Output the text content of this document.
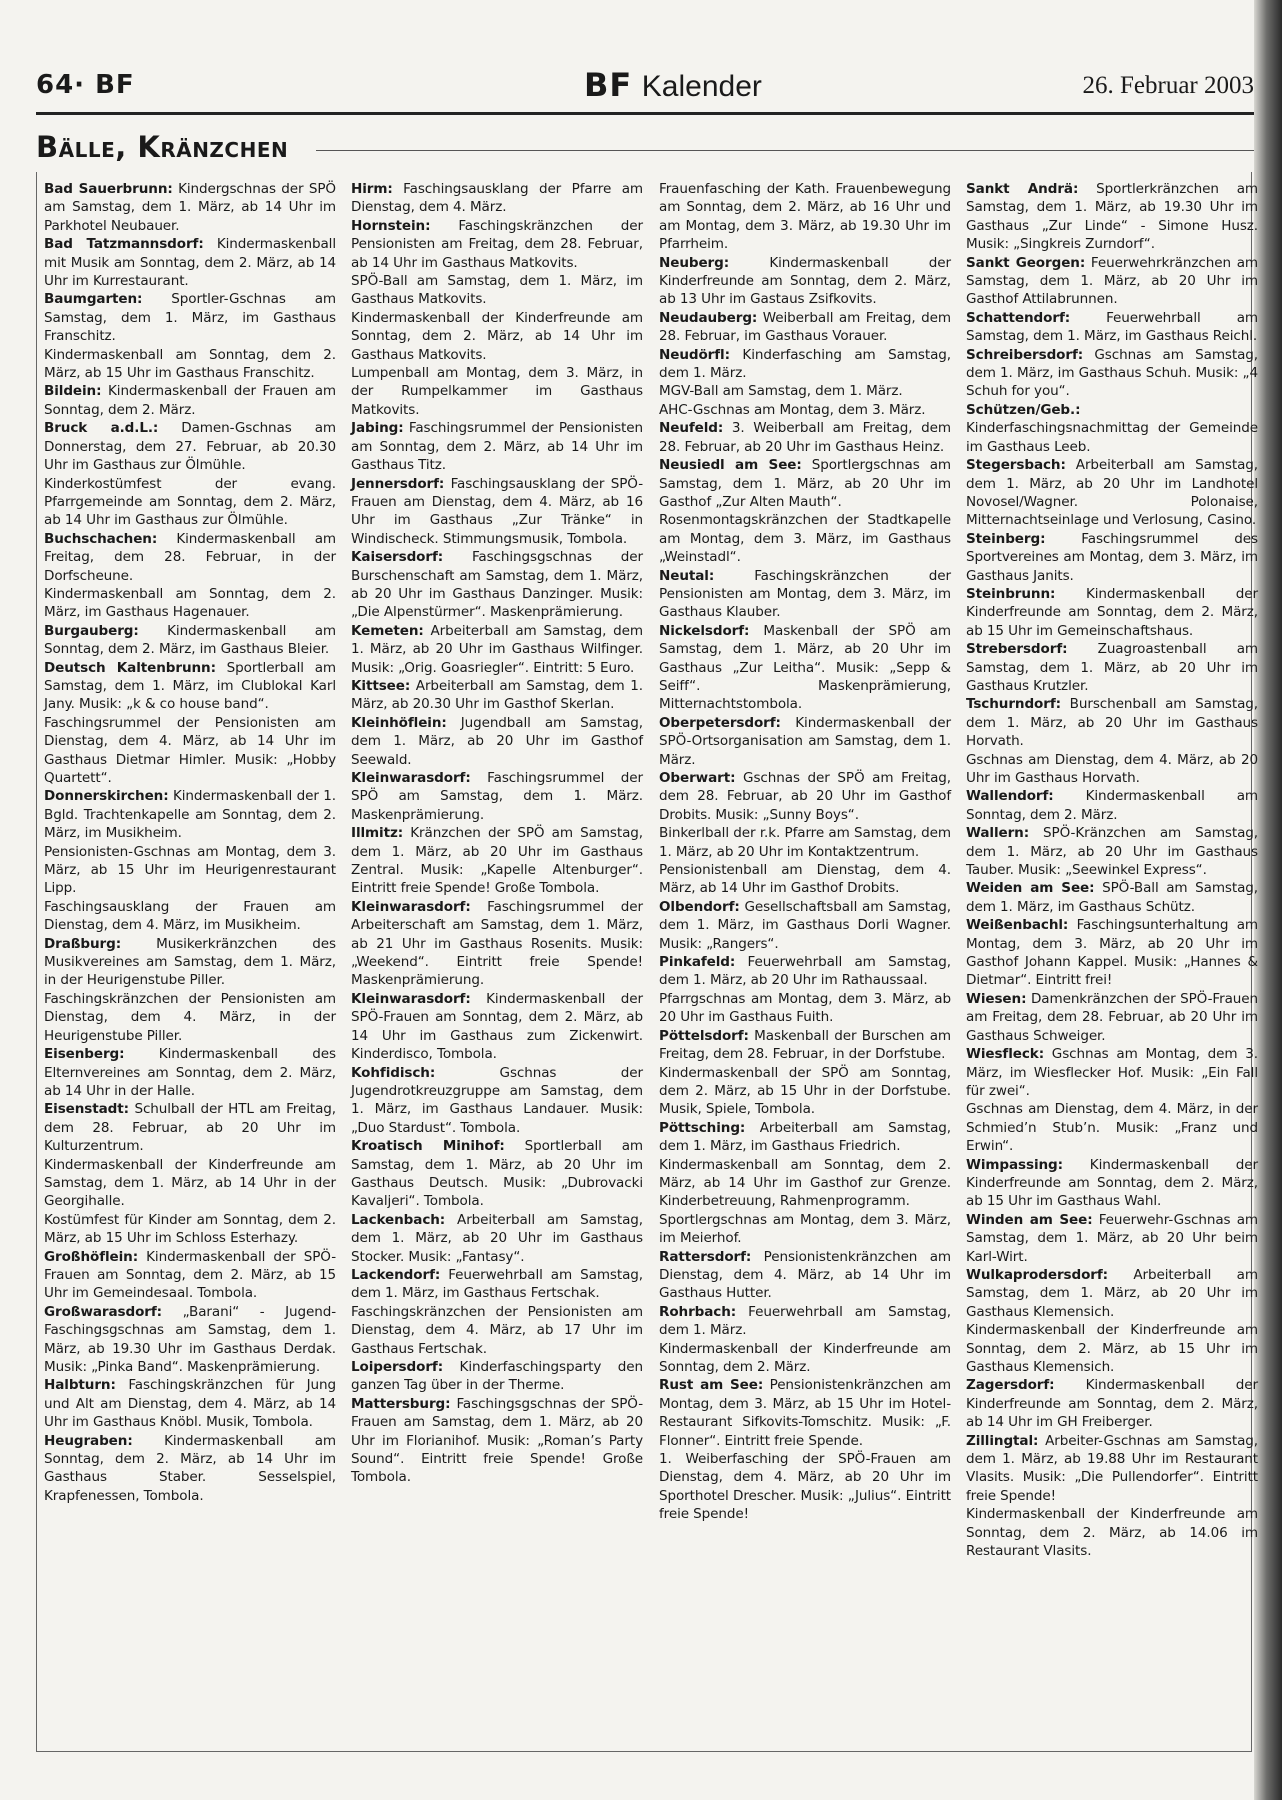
64· BF	BF Kalender	26. Februar 2003
Bälle, Kränzchen

Bad Sauerbrunn: Kindergschnas der SPÖ am Samstag, dem 1. März, ab 14 Uhr im Parkhotel Neubauer.

Bad Tatzmannsdorf: Kindermaskenball mit Musik am Sonntag, dem 2. März, ab 14 Uhr im Kurrestaurant.

Baumgarten: Sportler-Gschnas am Samstag, dem 1. März, im Gasthaus Franschitz.

Kindermaskenball am Sonntag, dem 2. März, ab 15 Uhr im Gasthaus Franschitz.

Bildein: Kindermaskenball der Frauen am Sonntag, dem 2. März.

Bruck a.d.L.: Damen-Gschnas am Donnerstag, dem 27. Februar, ab 20.30 Uhr im Gasthaus zur Ölmühle.

Kinderkostümfest der evang. Pfarrgemeinde am Sonntag, dem 2. März, ab 14 Uhr im Gasthaus zur Ölmühle.

Buchschachen: Kindermaskenball am Freitag, dem 28. Februar, in der Dorfscheune.

Kindermaskenball am Sonntag, dem 2. März, im Gasthaus Hagenauer.

Burgauberg: Kindermaskenball am Sonntag, dem 2. März, im Gasthaus Bleier.

Deutsch Kaltenbrunn: Sportlerball am Samstag, dem 1. März, im Clublokal Karl Jany. Musik: „k & co house band“.

Faschingsrummel der Pensionisten am Dienstag, dem 4. März, ab 14 Uhr im Gasthaus Dietmar Himler. Musik: „Hobby Quartett“.

Donnerskirchen: Kindermaskenball der 1. Bgld. Trachtenkapelle am Sonntag, dem 2. März, im Musikheim.

Pensionisten-Gschnas am Montag, dem 3. März, ab 15 Uhr im Heurigenrestaurant Lipp.

Faschingsausklang der Frauen am Dienstag, dem 4. März, im Musikheim.

Draßburg: Musikerkränzchen des Musikvereines am Samstag, dem 1. März, in der Heurigenstube Piller.

Faschingskränzchen der Pensionisten am Dienstag, dem 4. März, in der Heurigenstube Piller.

Eisenberg: Kindermaskenball des Elternvereines am Sonntag, dem 2. März, ab 14 Uhr in der Halle.

Eisenstadt: Schulball der HTL am Freitag, dem 28. Februar, ab 20 Uhr im Kulturzentrum.

Kindermaskenball der Kinderfreunde am Samstag, dem 1. März, ab 14 Uhr in der Georgihalle.

Kostümfest für Kinder am Sonntag, dem 2. März, ab 15 Uhr im Schloss Esterhazy.

Großhöflein: Kindermaskenball der SPÖ-Frauen am Sonntag, dem 2. März, ab 15 Uhr im Gemeindesaal. Tombola.

Großwarasdorf: „Barani“ - Jugend-Faschingsgschnas am Samstag, dem 1. März, ab 19.30 Uhr im Gasthaus Derdak. Musik: „Pinka Band“. Maskenprämierung.

Halbturn: Faschingskränzchen für Jung und Alt am Dienstag, dem 4. März, ab 14 Uhr im Gasthaus Knöbl. Musik, Tombola.

Heugraben: Kindermaskenball am Sonntag, dem 2. März, ab 14 Uhr im Gasthaus Staber. Sesselspiel, Krapfenessen, Tombola.

Hirm: Faschingsausklang der Pfarre am Dienstag, dem 4. März.

Hornstein: Faschingskränzchen der Pensionisten am Freitag, dem 28. Februar, ab 14 Uhr im Gasthaus Matkovits.

SPÖ-Ball am Samstag, dem 1. März, im Gasthaus Matkovits.

Kindermaskenball der Kinderfreunde am Sonntag, dem 2. März, ab 14 Uhr im Gasthaus Matkovits.

Lumpenball am Montag, dem 3. März, in der Rumpelkammer im Gasthaus Matkovits.

Jabing: Faschingsrummel der Pensionisten am Sonntag, dem 2. März, ab 14 Uhr im Gasthaus Titz.

Jennersdorf: Faschingsausklang der SPÖ-Frauen am Dienstag, dem 4. März, ab 16 Uhr im Gasthaus „Zur Tränke“ in Windischeck. Stimmungsmusik, Tombola.

Kaisersdorf: Faschingsgschnas der Burschenschaft am Samstag, dem 1. März, ab 20 Uhr im Gasthaus Danzinger. Musik: „Die Alpenstürmer“. Maskenprämierung.

Kemeten: Arbeiterball am Samstag, dem 1. März, ab 20 Uhr im Gasthaus Wilfinger. Musik: „Orig. Goasriegler“. Eintritt: 5 Euro.

Kittsee: Arbeiterball am Samstag, dem 1. März, ab 20.30 Uhr im Gasthof Skerlan.

Kleinhöflein: Jugendball am Samstag, dem 1. März, ab 20 Uhr im Gasthof Seewald.

Kleinwarasdorf: Faschingsrummel der SPÖ am Samstag, dem 1. März. Maskenprämierung.

Illmitz: Kränzchen der SPÖ am Samstag, dem 1. März, ab 20 Uhr im Gasthaus Zentral. Musik: „Kapelle Altenburger“. Eintritt freie Spende! Große Tombola.

Kleinwarasdorf: Faschingsrummel der Arbeiterschaft am Samstag, dem 1. März, ab 21 Uhr im Gasthaus Rosenits. Musik: „Weekend“. Eintritt freie Spende! Maskenprämierung.

Kleinwarasdorf: Kindermaskenball der SPÖ-Frauen am Sonntag, dem 2. März, ab 14 Uhr im Gasthaus zum Zickenwirt. Kinderdisco, Tombola.

Kohfidisch: Gschnas der Jugendrotkreuzgruppe am Samstag, dem 1. März, im Gasthaus Landauer. Musik: „Duo Stardust“. Tombola.

Kroatisch Minihof: Sportlerball am Samstag, dem 1. März, ab 20 Uhr im Gasthaus Deutsch. Musik: „Dubrovacki Kavaljeri“. Tombola.

Lackenbach: Arbeiterball am Samstag, dem 1. März, ab 20 Uhr im Gasthaus Stocker. Musik: „Fantasy“.

Lackendorf: Feuerwehrball am Samstag, dem 1. März, im Gasthaus Fertschak.

Faschingskränzchen der Pensionisten am Dienstag, dem 4. März, ab 17 Uhr im Gasthaus Fertschak.

Loipersdorf: Kinderfaschingsparty den ganzen Tag über in der Therme.

Mattersburg: Faschingsgschnas der SPÖ-Frauen am Samstag, dem 1. März, ab 20 Uhr im Florianihof. Musik: „Roman’s Party Sound“. Eintritt freie Spende! Große Tombola.

Frauenfasching der Kath. Frauenbewegung am Sonntag, dem 2. März, ab 16 Uhr und am Montag, dem 3. März, ab 19.30 Uhr im Pfarrheim.

Neuberg: Kindermaskenball der Kinderfreunde am Sonntag, dem 2. März, ab 13 Uhr im Gastaus Zsifkovits.

Neudauberg: Weiberball am Freitag, dem 28. Februar, im Gasthaus Vorauer.

Neudörfl: Kinderfasching am Samstag, dem 1. März.

MGV-Ball am Samstag, dem 1. März.

AHC-Gschnas am Montag, dem 3. März.

Neufeld: 3. Weiberball am Freitag, dem 28. Februar, ab 20 Uhr im Gasthaus Heinz.

Neusiedl am See: Sportlergschnas am Samstag, dem 1. März, ab 20 Uhr im Gasthof „Zur Alten Mauth“.

Rosenmontagskränzchen der Stadtkapelle am Montag, dem 3. März, im Gasthaus „Weinstadl“.

Neutal: Faschingskränzchen der Pensionisten am Montag, dem 3. März, im Gasthaus Klauber.

Nickelsdorf: Maskenball der SPÖ am Samstag, dem 1. März, ab 20 Uhr im Gasthaus „Zur Leitha“. Musik: „Sepp & Seiff“. Maskenprämierung, Mitternachtstombola.

Oberpetersdorf: Kindermaskenball der SPÖ-Ortsorganisation am Samstag, dem 1. März.

Oberwart: Gschnas der SPÖ am Freitag, dem 28. Februar, ab 20 Uhr im Gasthof Drobits. Musik: „Sunny Boys“.

Binkerlball der r.k. Pfarre am Samstag, dem 1. März, ab 20 Uhr im Kontaktzentrum.

Pensionistenball am Dienstag, dem 4. März, ab 14 Uhr im Gasthof Drobits.

Olbendorf: Gesellschaftsball am Samstag, dem 1. März, im Gasthaus Dorli Wagner. Musik: „Rangers“.

Pinkafeld: Feuerwehrball am Samstag, dem 1. März, ab 20 Uhr im Rathaussaal.

Pfarrgschnas am Montag, dem 3. März, ab 20 Uhr im Gasthaus Fuith.

Pöttelsdorf: Maskenball der Burschen am Freitag, dem 28. Februar, in der Dorfstube.

Kindermaskenball der SPÖ am Sonntag, dem 2. März, ab 15 Uhr in der Dorfstube. Musik, Spiele, Tombola.

Pöttsching: Arbeiterball am Samstag, dem 1. März, im Gasthaus Friedrich.

Kindermaskenball am Sonntag, dem 2. März, ab 14 Uhr im Gasthof zur Grenze. Kinderbetreuung, Rahmenprogramm.

Sportlergschnas am Montag, dem 3. März, im Meierhof.

Rattersdorf: Pensionistenkränzchen am Dienstag, dem 4. März, ab 14 Uhr im Gasthaus Hutter.

Rohrbach: Feuerwehrball am Samstag, dem 1. März.

Kindermaskenball der Kinderfreunde am Sonntag, dem 2. März.

Rust am See: Pensionistenkränzchen am Montag, dem 3. März, ab 15 Uhr im Hotel-Restaurant Sifkovits-Tomschitz. Musik: „F. Flonner“. Eintritt freie Spende.

1. Weiberfasching der SPÖ-Frauen am Dienstag, dem 4. März, ab 20 Uhr im Sporthotel Drescher. Musik: „Julius“. Eintritt freie Spende!

Sankt Andrä: Sportlerkränzchen am Samstag, dem 1. März, ab 19.30 Uhr im Gasthaus „Zur Linde“ - Simone Husz. Musik: „Singkreis Zurndorf“.

Sankt Georgen: Feuerwehrkränzchen am Samstag, dem 1. März, ab 20 Uhr im Gasthof Attilabrunnen.

Schattendorf: Feuerwehrball am Samstag, dem 1. März, im Gasthaus Reichl.

Schreibersdorf: Gschnas am Samstag, dem 1. März, im Gasthaus Schuh. Musik: „4 Schuh for you“.

Schützen/Geb.: Kinderfaschingsnachmittag der Gemeinde im Gasthaus Leeb.

Stegersbach: Arbeiterball am Samstag, dem 1. März, ab 20 Uhr im Landhotel Novosel/Wagner. Polonaise, Mitternachtseinlage und Verlosung, Casino.

Steinberg: Faschingsrummel des Sportvereines am Montag, dem 3. März, im Gasthaus Janits.

Steinbrunn: Kindermaskenball der Kinderfreunde am Sonntag, dem 2. März, ab 15 Uhr im Gemeinschaftshaus.

Strebersdorf: Zuagroastenball am Samstag, dem 1. März, ab 20 Uhr im Gasthaus Krutzler.

Tschurndorf: Burschenball am Samstag, dem 1. März, ab 20 Uhr im Gasthaus Horvath.

Gschnas am Dienstag, dem 4. März, ab 20 Uhr im Gasthaus Horvath.

Wallendorf: Kindermaskenball am Sonntag, dem 2. März.

Wallern: SPÖ-Kränzchen am Samstag, dem 1. März, ab 20 Uhr im Gasthaus Tauber. Musik: „Seewinkel Express“.

Weiden am See: SPÖ-Ball am Samstag, dem 1. März, im Gasthaus Schütz.

Weißenbachl: Faschingsunterhaltung am Montag, dem 3. März, ab 20 Uhr im Gasthof Johann Kappel. Musik: „Hannes & Dietmar“. Eintritt frei!

Wiesen: Damenkränzchen der SPÖ-Frauen am Freitag, dem 28. Februar, ab 20 Uhr im Gasthaus Schweiger.

Wiesfleck: Gschnas am Montag, dem 3. März, im Wiesflecker Hof. Musik: „Ein Fall für zwei“.

Gschnas am Dienstag, dem 4. März, in der Schmied’n Stub’n. Musik: „Franz und Erwin“.

Wimpassing: Kindermaskenball der Kinderfreunde am Sonntag, dem 2. März, ab 15 Uhr im Gasthaus Wahl.

Winden am See: Feuerwehr-Gschnas am Samstag, dem 1. März, ab 20 Uhr beim Karl-Wirt.

Wulkaprodersdorf: Arbeiterball am Samstag, dem 1. März, ab 20 Uhr im Gasthaus Klemensich.

Kindermaskenball der Kinderfreunde am Sonntag, dem 2. März, ab 15 Uhr im Gasthaus Klemensich.

Zagersdorf: Kindermaskenball der Kinderfreunde am Sonntag, dem 2. März, ab 14 Uhr im GH Freiberger.

Zillingtal: Arbeiter-Gschnas am Samstag, dem 1. März, ab 19.88 Uhr im Restaurant Vlasits. Musik: „Die Pullendorfer“. Eintritt freie Spende!

Kindermaskenball der Kinderfreunde am Sonntag, dem 2. März, ab 14.06 im Restaurant Vlasits.
